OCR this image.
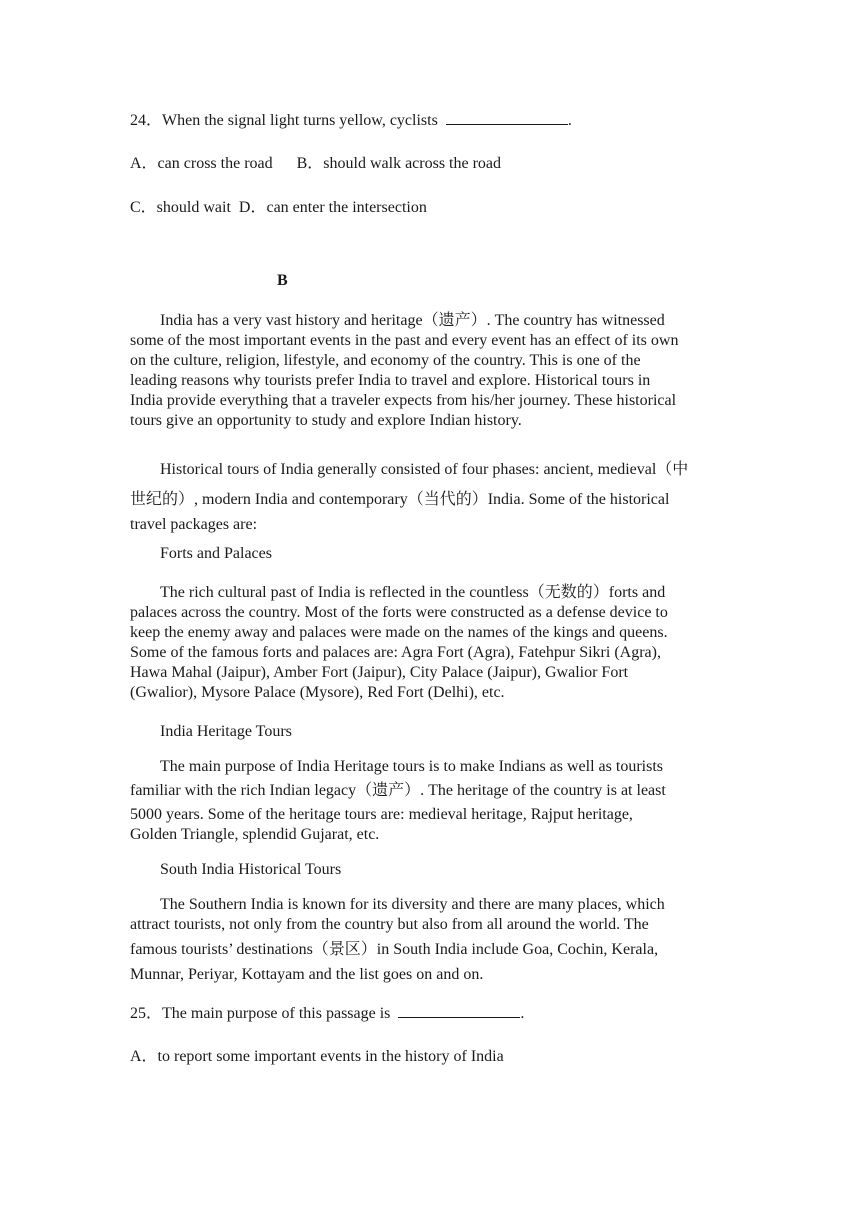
24．When the signal light turns yellow, cyclists	.
A．can cross the road B．should walk across the road
C．should wait D．can enter the intersection
B

India has a very vast history and heritage（遗产）. The country has witnessed
some of the most important events in the past and every event has an effect of its own
on the culture, religion, lifestyle, and economy of the country. This is one of the
leading reasons why tourists prefer India to travel and explore. Historical tours in
India provide everything that a traveler expects from his/her journey. These historical
tours give an opportunity to study and explore Indian history.

Historical tours of India generally consisted of four phases: ancient, medieval（中
世纪的）, modern India and contemporary（当代的）India. Some of the historical
travel packages are:

Forts and Palaces

The rich cultural past of India is reflected in the countless（无数的）forts and
palaces across the country. Most of the forts were constructed as a defense device to
keep the enemy away and palaces were made on the names of the kings and queens.
Some of the famous forts and palaces are: Agra Fort (Agra), Fatehpur Sikri (Agra),
Hawa Mahal (Jaipur), Amber Fort (Jaipur), City Palace (Jaipur), Gwalior Fort
(Gwalior), Mysore Palace (Mysore), Red Fort (Delhi), etc.

India Heritage Tours

The main purpose of India Heritage tours is to make Indians as well as tourists
familiar with the rich Indian legacy（遗产）. The heritage of the country is at least
5000 years. Some of the heritage tours are: medieval heritage, Rajput heritage,
Golden Triangle, splendid Gujarat, etc.

South India Historical Tours

The Southern India is known for its diversity and there are many places, which
attract tourists, not only from the country but also from all around the world. The
famous tourists’ destinations（景区）in South India include Goa, Cochin, Kerala,
Munnar, Periyar, Kottayam and the list goes on and on.

25．The main purpose of this passage is	.
A．to report some important events in the history of India
